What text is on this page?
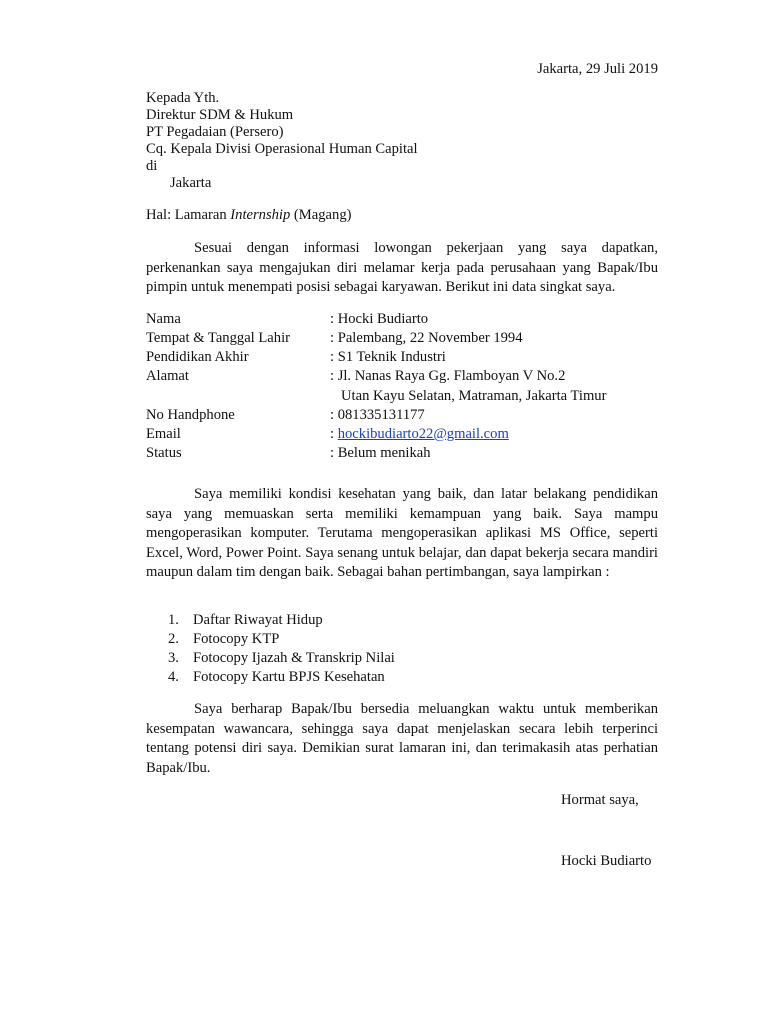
Jakarta, 29 Juli 2019
Kepada Yth.
Direktur SDM & Hukum
PT Pegadaian (Persero)
Cq. Kepala Divisi Operasional Human Capital
di
Jakarta
Hal: Lamaran Internship (Magang)
Sesuai dengan informasi lowongan pekerjaan yang saya dapatkan, perkenankan saya mengajukan diri melamar kerja pada perusahaan yang Bapak/Ibu pimpin untuk menempati posisi sebagai karyawan. Berikut ini data singkat saya.
Nama	: Hocki Budiarto
Tempat & Tanggal Lahir	: Palembang, 22 November 1994
Pendidikan Akhir	: S1 Teknik Industri
Alamat	: Jl. Nanas Raya Gg. Flamboyan V No.2
Utan Kayu Selatan, Matraman, Jakarta Timur
No Handphone	: 081335131177
Email	: hockibudiarto22@gmail.com
Status	: Belum menikah
Saya memiliki kondisi kesehatan yang baik, dan latar belakang pendidikan saya yang memuaskan serta memiliki kemampuan yang baik. Saya mampu mengoperasikan komputer. Terutama mengoperasikan aplikasi MS Office, seperti Excel, Word, Power Point. Saya senang untuk belajar, dan dapat bekerja secara mandiri maupun dalam tim dengan baik. Sebagai bahan pertimbangan, saya lampirkan :
1. Daftar Riwayat Hidup
2. Fotocopy KTP
3. Fotocopy Ijazah & Transkrip Nilai
4. Fotocopy Kartu BPJS Kesehatan
Saya berharap Bapak/Ibu bersedia meluangkan waktu untuk memberikan kesempatan wawancara, sehingga saya dapat menjelaskan secara lebih terperinci tentang potensi diri saya. Demikian surat lamaran ini, dan terimakasih atas perhatian Bapak/Ibu.
Hormat saya,
Hocki Budiarto
